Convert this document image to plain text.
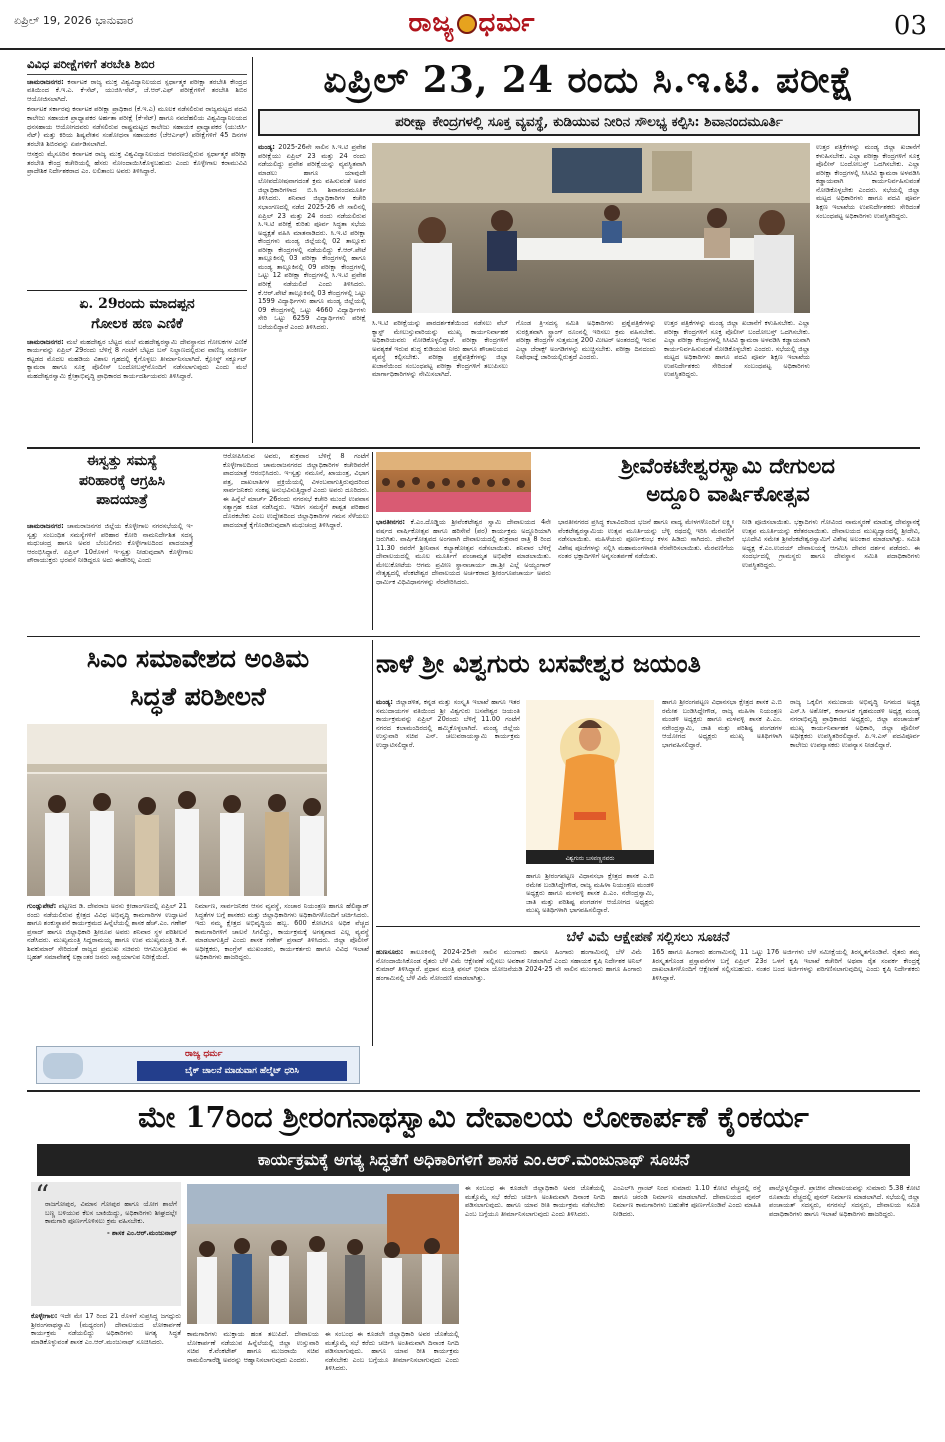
ಏಪ್ರಿಲ್ 19, 2026 ಭಾನುವಾರ	ರಾಜ್ಯ ಧರ್ಮ	03
ವಿವಿಧ ಪರೀಕ್ಷೆಗಳಿಗೆ ತರಬೇತಿ ಶಿಬಿರ
ಚಾಮರಾಜನಗರ: ಕರ್ನಾಟಕ ರಾಜ್ಯ ಮುಕ್ತ ವಿಶ್ವವಿದ್ಯಾನಿಲಯದ ಸ್ಪರ್ಧಾತ್ಮಕ ಪರೀಕ್ಷಾ ತರಬೇತಿ ಕೇಂದ್ರದ ವತಿಯಿಂದ ಕೆ.ಇ.ಎ. ಕೆ-ಸೆಟ್, ಯುಜಿಸಿ-ನೆಟ್, ಜೆ.ಆರ್.ಎಫ್ ಪರೀಕ್ಷೆಗಳಿಗೆ ತರಬೇತಿ ಶಿಬಿರ ಆಯೋಜಿಸಲಾಗಿದೆ.
ಕರ್ನಾಟಕ ಸರ್ಕಾರವು ಕರ್ನಾಟಕ ಪರೀಕ್ಷಾ ಪ್ರಾಧಿಕಾರ (ಕೆ.ಇ.ಎ) ಮೂಲಕ ನಡೆಸಲಿರುವ ರಾಜ್ಯಮಟ್ಟದ ಪದವಿ ಕಾಲೇಜು ಸಹಾಯಕ ಪ್ರಾಧ್ಯಾಪಕರ ಅರ್ಹತಾ ಪರೀಕ್ಷೆ (ಕೆ-ಸೆಟ್) ಹಾಗೂ ನವದೆಹಲಿಯ ವಿಶ್ವವಿದ್ಯಾನಿಲಯದ ಧನಸಹಾಯ ಆಯೋಗದವರು ನಡೆಸಲಿರುವ ರಾಷ್ಟ್ರಮಟ್ಟದ ಕಾಲೇಜು ಸಹಾಯಕ ಪ್ರಾಧ್ಯಾಪಕರ (ಯುಜಿಸಿ-ನೆಟ್) ಮತ್ತು ಕಿರಿಯ ಶಿಷ್ಯವೇತನ ಸಂಶೋಧನಾ ಸಹಾಯಕರ (ಜೆಆರ್ಎಫ್) ಪರೀಕ್ಷೆಗಳಿಗೆ 45 ದಿನಗಳ ತರಬೇತಿ ಶಿಬಿರವನ್ನು ಏರ್ಪಡಿಸಲಾಗಿದೆ.
ಆಸಕ್ತರು ಮೈಸೂರಿನ ಕರ್ನಾಟಕ ರಾಜ್ಯ ಮುಕ್ತ ವಿಶ್ವವಿದ್ಯಾನಿಲಯದ ಆವರಣದಲ್ಲಿರುವ ಸ್ಪರ್ಧಾತ್ಮಕ ಪರೀಕ್ಷಾ ತರಬೇತಿ ಕೇಂದ್ರ ಕಚೇರಿಯಲ್ಲಿ ಹೆಸರು ನೋಂದಾಯಿಸಿಕೊಳ್ಳಬಹುದು ಎಂದು ಕೊಳ್ಳೇಗಾಲ ಕರಾಮುವಿವಿ ಪ್ರಾದೇಶಿಕ ನಿರ್ದೇಶಕರಾದ ಎಂ. ಲಲಿತಾಂಬ ಅವರು ತಿಳಿಸಿದ್ದಾರೆ.
ಏ. 29ರಂದು ಮಾದಪ್ಪನ
ಗೋಲಕ ಹಣ ಎಣಿಕೆ
ಚಾಮರಾಜನಗರ: ಮಲೆ ಮಹದೇಶ್ವರ ಬೆಟ್ಟದ ಮಲೆ ಮಹದೇಶ್ವರಸ್ವಾಮಿ ದೇವಸ್ಥಾನದ ಗೋಲಕಗಳ ಎಣಿಕೆ ಕಾರ್ಯವನ್ನು ಏಪ್ರಿಲ್ 29ರಂದು ಬೆಳಿಗ್ಗೆ 8 ಗಂಟೆಗೆ ಬೆಟ್ಟದ ಬಸ್ ನಿಲ್ದಾಣದಲ್ಲಿರುವ ವಾಣಿಜ್ಯ ಸಂಕೀರ್ಣ ಕಟ್ಟಡದ ಮೊದಲ ಮಹಡಿಯ ವಿಶಾಲ ಗೃಹದಲ್ಲಿ ಕೈಗೊಳ್ಳಲು ತೀರ್ಮಾನಿಸಲಾಗಿದೆ. ಕ್ಲೋಸ್ಡ್ ಸರ್ಕ್ಯೂಟ್ ಕ್ಯಾಮರಾ ಹಾಗೂ ಸೂಕ್ತ ಪೊಲೀಸ್ ಬಂದೋಬಸ್ತ್‌ನೊಂದಿಗೆ ನಡೆಸಲಾಗುವುದು ಎಂದು ಮಲೆ ಮಹದೇಶ್ವರಸ್ವಾಮಿ ಕ್ಷೇತ್ರಾಭಿವೃದ್ಧಿ ಪ್ರಾಧಿಕಾರದ ಕಾರ್ಯದರ್ಶಿಯವರು ತಿಳಿಸಿದ್ದಾರೆ.
ಏಪ್ರಿಲ್ 23, 24 ರಂದು ಸಿ.ಇ.ಟಿ. ಪರೀಕ್ಷೆ
ಪರೀಕ್ಷಾ ಕೇಂದ್ರಗಳಲ್ಲಿ ಸೂಕ್ತ ವ್ಯವಸ್ಥೆ, ಕುಡಿಯುವ ನೀರಿನ ಸೌಲಭ್ಯ ಕಲ್ಪಿಸಿ: ಶಿವಾನಂದಮೂರ್ತಿ
ಮಂಡ್ಯ: 2025-26ನೇ ಸಾಲಿನ ಸಿ.ಇ.ಟಿ ಪ್ರವೇಶ ಪರೀಕ್ಷೆಯು ಏಪ್ರಿಲ್ 23 ಮತ್ತು 24 ರಂದು ನಡೆಯಲಿದ್ದು ಪ್ರವೇಶ ಪರೀಕ್ಷೆಯನ್ನು ವ್ಯವಸ್ಥಿತವಾಗಿ ಮಾಡಲು ಹಾಗೂ ಯಾವುದೇ ಲೋಪದೋಷವಾಗದಂತೆ ಕ್ರಮ ವಹಿಸುವಂತೆ ಅಪರ ಜಿಲ್ಲಾಧಿಕಾರಿಗಳಾದ ಬಿ.ಸಿ ಶಿವಾನಂದಮೂರ್ತಿ ತಿಳಿಸಿದರು. ಶನಿವಾರ ಜಿಲ್ಲಾಧಿಕಾರಿಗಳ ಕಚೇರಿ ಸಭಾಂಗಣದಲ್ಲಿ ನಡೆದ 2025-26 ನೇ ಸಾಲಿನಲ್ಲಿ ಏಪ್ರಿಲ್ 23 ಮತ್ತು 24 ರಂದು ನಡೆಯಲಿರುವ ಸಿ.ಇ.ಟಿ ಪರೀಕ್ಷೆ ಕುರಿತು ಪೂರ್ವ ಸಿದ್ಧತಾ ಸಭೆಯ ಅಧ್ಯಕ್ಷತೆ ವಹಿಸಿ ಮಾತನಾಡಿದರು. ಸಿ.ಇ.ಟಿ ಪರೀಕ್ಷಾ ಕೇಂದ್ರಗಳು ಮಂಡ್ಯ ಜಿಲ್ಲೆಯಲ್ಲಿ 02 ತಾಲ್ಲೂಕು ಪರೀಕ್ಷಾ ಕೇಂದ್ರಗಳಲ್ಲಿ ನಡೆಯಲಿದ್ದು ಕೆ.ಆರ್.ಪೇಟೆ ತಾಲ್ಲೂಕಿನಲ್ಲಿ 03 ಪರೀಕ್ಷಾ ಕೇಂದ್ರಗಳಲ್ಲಿ ಹಾಗೂ ಮಂಡ್ಯ ತಾಲ್ಲೂಕಿನಲ್ಲಿ 09 ಪರೀಕ್ಷಾ ಕೇಂದ್ರಗಳಲ್ಲಿ ಒಟ್ಟು 12 ಪರೀಕ್ಷಾ ಕೇಂದ್ರಗಳಲ್ಲಿ ಸಿ.ಇ.ಟಿ ಪ್ರವೇಶ ಪರೀಕ್ಷೆ ನಡೆಯಲಿದೆ ಎಂದು ತಿಳಿಸಿದರು. ಕೆ.ಆರ್.ಪೇಟೆ ತಾಲ್ಲೂಕಿನಲ್ಲಿ 03 ಕೇಂದ್ರಗಳಲ್ಲಿ ಒಟ್ಟು 1599 ವಿದ್ಯಾರ್ಥಿಗಳು ಹಾಗೂ ಮಂಡ್ಯ ಜಿಲ್ಲೆಯಲ್ಲಿ 09 ಕೇಂದ್ರಗಳಲ್ಲಿ ಒಟ್ಟು 4660 ವಿದ್ಯಾರ್ಥಿಗಳು ಸೇರಿ ಒಟ್ಟು 6259 ವಿದ್ಯಾರ್ಥಿಗಳು ಪರೀಕ್ಷೆ ಬರೆಯಲಿದ್ದಾರೆ ಎಂದು ತಿಳಿಸಿದರು.	ಸಿ.ಇ.ಟಿ ಪರೀಕ್ಷೆಯನ್ನು ಪಾರದರ್ಶಕತೆಯಿಂದ ನಡೆಸಲು ವೆಬ್ ಕ್ಯಾಸ್ಟ್ ಮೇಲುಸ್ತುವಾರಿಯನ್ನು ಮುಖ್ಯ ಕಾರ್ಯನಿರ್ವಾಹಕ ಅಧಿಕಾರಿಯವರು ನೋಡಿಕೊಳ್ಳಲಿದ್ದಾರೆ. ಪರೀಕ್ಷಾ ಕೇಂದ್ರಗಳಿಗೆ ಅವಶ್ಯಕತೆ ಇರುವ ಶುದ್ಧ ಕುಡಿಯುವ ನೀರು ಹಾಗೂ ಶೌಚಾಲಯದ ವ್ಯವಸ್ಥೆ ಕಲ್ಪಿಸಬೇಕು. ಪರೀಕ್ಷಾ ಪ್ರಶ್ನೆಪತ್ರಿಕೆಗಳನ್ನು ಜಿಲ್ಲಾ ಖಜಾನೆಯಿಂದ ಸಂಬಂಧಪಟ್ಟ ಪರೀಕ್ಷಾ ಕೇಂದ್ರಗಳಿಗೆ ತಲುಪಿಸಲು ಮಾರ್ಗಾಧಿಕಾರಿಗಳನ್ನು ನೇಮಿಸಲಾಗಿದೆ.
ಗೊಂಡ ತ್ರಿ-ಸದಸ್ಯ ಸಮಿತಿ ಅಧಿಕಾರಿಗಳು ಪ್ರಶ್ನೆಪತ್ರಿಕೆಗಳನ್ನು ಸುರಕ್ಷಿತವಾಗಿ ಸ್ಟ್ರಾಂಗ್ ರೂಂನಲ್ಲಿ ಇರಿಸಲು ಕ್ರಮ ವಹಿಸಬೇಕು. ಪರೀಕ್ಷಾ ಕೇಂದ್ರಗಳ ಸುತ್ತಮುತ್ತ 200 ಮೀಟರ್ ಅಂತರದಲ್ಲಿ ಇರುವ ಎಲ್ಲಾ ಜೆರಾಕ್ಸ್ ಅಂಗಡಿಗಳನ್ನು ಮುಚ್ಚಿಸಬೇಕು. ಪರೀಕ್ಷಾ ದಿನದಂದು ನಿಷೇಧಾಜ್ಞೆ ಜಾರಿಯಲ್ಲಿರುತ್ತದೆ ಎಂದರು.
ಉತ್ತರ ಪತ್ರಿಕೆಗಳನ್ನು ಮಂಡ್ಯ ಜಿಲ್ಲಾ ಖಜಾನೆಗೆ ಕಳುಹಿಸಬೇಕು. ಎಲ್ಲಾ ಪರೀಕ್ಷಾ ಕೇಂದ್ರಗಳಿಗೆ ಸೂಕ್ತ ಪೊಲೀಸ್ ಬಂದೋಬಸ್ತ್ ಒದಗಿಸಬೇಕು. ಎಲ್ಲಾ ಪರೀಕ್ಷಾ ಕೇಂದ್ರಗಳಲ್ಲಿ ಸಿಸಿಟಿವಿ ಕ್ಯಾಮರಾ ಅಳವಡಿಸಿ ಕಡ್ಡಾಯವಾಗಿ ಕಾರ್ಯನಿರ್ವಹಿಸುವಂತೆ ನೋಡಿಕೊಳ್ಳಬೇಕು ಎಂದರು. ಸಭೆಯಲ್ಲಿ ಜಿಲ್ಲಾ ಮಟ್ಟದ ಅಧಿಕಾರಿಗಳು ಹಾಗೂ ಪದವಿ ಪೂರ್ವ ಶಿಕ್ಷಣ ಇಲಾಖೆಯ ಉಪನಿರ್ದೇಶಕರು ಸೇರಿದಂತೆ ಸಂಬಂಧಪಟ್ಟ ಅಧಿಕಾರಿಗಳು ಉಪಸ್ಥಿತರಿದ್ದರು.
ಉತ್ತರ ಪತ್ರಿಕೆಗಳನ್ನು ಮಂಡ್ಯ ಜಿಲ್ಲಾ ಖಜಾನೆಗೆ ಕಳುಹಿಸಬೇಕು. ಎಲ್ಲಾ ಪರೀಕ್ಷಾ ಕೇಂದ್ರಗಳಿಗೆ ಸೂಕ್ತ ಪೊಲೀಸ್ ಬಂದೋಬಸ್ತ್ ಒದಗಿಸಬೇಕು. ಎಲ್ಲಾ ಪರೀಕ್ಷಾ ಕೇಂದ್ರಗಳಲ್ಲಿ ಸಿಸಿಟಿವಿ ಕ್ಯಾಮರಾ ಅಳವಡಿಸಿ ಕಡ್ಡಾಯವಾಗಿ ಕಾರ್ಯನಿರ್ವಹಿಸುವಂತೆ ನೋಡಿಕೊಳ್ಳಬೇಕು ಎಂದರು. ಸಭೆಯಲ್ಲಿ ಜಿಲ್ಲಾ ಮಟ್ಟದ ಅಧಿಕಾರಿಗಳು ಹಾಗೂ ಪದವಿ ಪೂರ್ವ ಶಿಕ್ಷಣ ಇಲಾಖೆಯ ಉಪನಿರ್ದೇಶಕರು ಸೇರಿದಂತೆ ಸಂಬಂಧಪಟ್ಟ ಅಧಿಕಾರಿಗಳು ಉಪಸ್ಥಿತರಿದ್ದರು.
ಈಸ್ವತ್ತು ಸಮಸ್ಯೆ
ಪರಿಹಾರಕ್ಕೆ ಆಗ್ರಹಿಸಿ
ಪಾದಯಾತ್ರೆ
ಚಾಮರಾಜನಗರ: ಚಾಮರಾಜನಗರ ಜಿಲ್ಲೆಯ ಕೊಳ್ಳೇಗಾಲ ನಗರಸಭೆಯಲ್ಲಿ ಇ-ಸ್ವತ್ತು ಸಂಬಂಧಿತ ಸಮಸ್ಯೆಗಳಿಗೆ ಪರಿಹಾರ ಕೋರಿ ನಾಮನಿರ್ದೇಶಿತ ಸದಸ್ಯ ಮಧುಚಂದ್ರ ಹಾಗೂ ಅವರ ಬೆಂಬಲಿಗರು ಕೊಳ್ಳೇಗಾಲದಿಂದ ಪಾದಯಾತ್ರೆ ಆರಂಭಿಸಿದ್ದಾರೆ. ಏಪ್ರಿಲ್ 10ರೊಳಗೆ ಇ-ಸ್ವತ್ತು ನೀಡುವುದಾಗಿ ಕೊಳ್ಳೇಗಾಲ ಪೌರಾಯುಕ್ತರು ಭರವಸೆ ನೀಡಿದ್ದರೂ ಅದು ಈಡೇರಿಲ್ಲ ಎಂದು
ಆರೋಪಿಸಿರುವ ಅವರು, ಶುಕ್ರವಾರ ಬೆಳಿಗ್ಗೆ 8 ಗಂಟೆಗೆ ಕೊಳ್ಳೇಗಾಲದಿಂದ ಚಾಮರಾಜನಗರದ ಜಿಲ್ಲಾಧಿಕಾರಿಗಳ ಕಚೇರಿವರೆಗೆ ಪಾದಯಾತ್ರೆ ಆರಂಭಿಸಿದರು. ಇ-ಸ್ವತ್ತು ನಮೂನೆ, ಖಾಯಂತ್ರ, ವಿಭಾಗ ಪತ್ರ, ದಾಖಲಾತಿಗಳ ಪ್ರಕ್ರಿಯೆಯಲ್ಲಿ ವಿಳಂಬವಾಗುತ್ತಿರುವುದರಿಂದ ಸಾರ್ವಜನಿಕರು ಸಂಕಷ್ಟ ಅನುಭವಿಸುತ್ತಿದ್ದಾರೆ ಎಂದು ಅವರು ದೂರಿದರು. ಈ ಹಿನ್ನೆಲೆ ಮಾರ್ಚ್ 26ರಂದು ನಗರಸಭೆ ಕಚೇರಿ ಮುಂದೆ ಉಪವಾಸ ಸತ್ಯಾಗ್ರಹ ಕೂಡ ನಡೆಸಿದ್ದರು. ಇದೀಗ ಸಮಸ್ಯೆಗೆ ಶಾಶ್ವತ ಪರಿಹಾರ ದೊರಕಬೇಕು ಎಂಬ ಉದ್ದೇಶದಿಂದ ಜಿಲ್ಲಾಧಿಕಾರಿಗಳ ಗಮನ ಸೆಳೆಯಲು ಪಾದಯಾತ್ರೆ ಕೈಗೊಂಡಿರುವುದಾಗಿ ಮಧುಚಂದ್ರ ತಿಳಿಸಿದ್ದಾರೆ.
ಶ್ರೀವೆಂಕಟೇಶ್ವರಸ್ವಾಮಿ ದೇಗುಲದ
ಅದ್ದೂರಿ ವಾರ್ಷಿಕೋತ್ಸವ
ಭಾರತೀನಗರ: ಕೆ.ಎಂ.ದೊಡ್ಡಿಯ ಶ್ರೀವೆಂಕಟೇಶ್ವರ ಸ್ವಾಮಿ ದೇವಾಲಯದ 4ನೇ ವರ್ಷದ ವಾರ್ಷಿಕೋತ್ಸವ ಹಾಗೂ ಹರಿಸೇವೆ (ಪರ) ಕಾರ್ಯಕ್ರಮ ಅದ್ದೂರಿಯಾಗಿ ಜರುಗಿತು. ವಾರ್ಷಿಕೋತ್ಸವದ ಅಂಗವಾಗಿ ದೇವಾಲಯದಲ್ಲಿ ಶುಕ್ರವಾರ ರಾತ್ರಿ 8 ರಿಂದ 11.30 ರವರೆಗೆ ಶ್ರೀನಿವಾಸ ಕಲ್ಯಾಣೋತ್ಸವ ನಡೆಸಲಾಯಿತು. ಶನಿವಾರ ಬೆಳಿಗ್ಗೆ ದೇವಾಲಯದಲ್ಲಿ ಮೂಲ ಮೂರ್ತಿಗೆ ಪಂಚಾಮೃತ ಅಭಿಷೇಕ ಮಾಡಲಾಯಿತು. ಮೇಲುಕೋಟೆಯ ಆಗಮ ಪ್ರವೀಣ ಸ್ಥಾನಾಚಾರ್ಯ ಡಾ.ಶ್ರೀ ಎಲ್ಲೆ ಅಯ್ಯಂಗಾರ್ ನೇತೃತ್ವದಲ್ಲಿ ವೆಂಕಟೇಶ್ವರ ದೇವಾಲಯದ ಅರ್ಚಕರಾದ ಶ್ರೀರಂಗೂಪಚಾರ್ಯ ಅವರು ಧಾರ್ಮಿಕ ವಿಧಿವಿಧಾನಗಳನ್ನು ನೆರವೇರಿಸಿದರು.
ಭಾರತೀನಗರದ ಪ್ರಸಿದ್ಧ ಕಲಾವಿದರಿಂದ ಭಜನೆ ಹಾಗೂ ವಾದ್ಯ ಮೇಳಗಳೊಂದಿಗೆ ಲಕ್ಷ್ಮೀ ವೆಂಕಟೇಶ್ವರಸ್ವಾಮಿಯ ಉತ್ಸವ ಮೂರ್ತಿಯನ್ನು ಬೆಳ್ಳಿ ರಥದಲ್ಲಿ ಇರಿಸಿ ಮೆರವಣಿಗೆ ನಡೆಸಲಾಯಿತು. ಮಹಿಳೆಯರು ಪೂರ್ಣಕುಂಭ ಕಳಸ ಹಿಡಿದು ಸಾಗಿದರು. ದೇವರಿಗೆ ವಿಶೇಷ ಪೂಜೆಗಳನ್ನು ಸಲ್ಲಿಸಿ ಮಹಾಮಂಗಳಾರತಿ ನೆರವೇರಿಸಲಾಯಿತು. ಮೆರವಣಿಗೆಯ ನಂತರ ಭಕ್ತಾದಿಗಳಿಗೆ ಅನ್ನಸಂತರ್ಪಣೆ ನಡೆಯಿತು.
ನೀಡಿ ಪೂಜಿಸಲಾಯಿತು. ಭಕ್ತಾದಿಗಳು ಗೋವಿಂದ ನಾಮಸ್ಮರಣೆ ಮಾಡುತ್ತ ದೇವಸ್ಥಾನಕ್ಕೆ ಉತ್ಸವ ಮೂರ್ತಿಯನ್ನು ಕರೆತರಲಾಯಿತು. ದೇವಾಲಯದ ಮುಖ್ಯದ್ವಾರದಲ್ಲಿ ಶ್ರೀದೇವಿ, ಭೂದೇವಿ ಸಮೇತ ಶ್ರೀವೆಂಕಟೇಶ್ವರಸ್ವಾಮಿಗೆ ವಿಶೇಷ ಅಲಂಕಾರ ಮಾಡಲಾಗಿತ್ತು. ಸಮಿತಿ ಅಧ್ಯಕ್ಷ ಕೆ.ಎಂ.ಉದಯ್ ದೇವಾಲಯಕ್ಕೆ ಆಗಮಿಸಿ ದೇವರ ದರ್ಶನ ಪಡೆದರು. ಈ ಸಂದರ್ಭದಲ್ಲಿ ಗ್ರಾಮಸ್ಥರು ಹಾಗೂ ದೇವಸ್ಥಾನ ಸಮಿತಿ ಪದಾಧಿಕಾರಿಗಳು ಉಪಸ್ಥಿತರಿದ್ದರು.
ಸಿಎಂ ಸಮಾವೇಶದ ಅಂತಿಮ
ಸಿದ್ಧತೆ ಪರಿಶೀಲನೆ
ಗುಂಡ್ಲುಪೇಟೆ: ಪಟ್ಟಣದ ಡಿ. ದೇವರಾಜ ಅರಸು ಕ್ರೀಡಾಂಗಣದಲ್ಲಿ ಏಪ್ರಿಲ್ 21 ರಂದು ನಡೆಯಲಿರುವ ಕ್ಷೇತ್ರದ ವಿವಿಧ ಅಭಿವೃದ್ಧಿ ಕಾಮಗಾರಿಗಳ ಉದ್ಘಾಟನೆ ಹಾಗೂ ಶಂಕುಸ್ಥಾಪನೆ ಕಾರ್ಯಕ್ರಮದ ಹಿನ್ನೆಲೆಯಲ್ಲಿ ಶಾಸಕ ಹೆಚ್.ಎಂ. ಗಣೇಶ್ ಪ್ರಸಾದ್ ಹಾಗೂ ಜಿಲ್ಲಾಧಿಕಾರಿ ಶ್ರೀರೂಪ ಅವರು ಶನಿವಾರ ಸ್ಥಳ ಪರಿಶೀಲನೆ ನಡೆಸಿದರು. ಮುಖ್ಯಮಂತ್ರಿ ಸಿದ್ದರಾಮಯ್ಯ ಹಾಗೂ ಉಪ ಮುಖ್ಯಮಂತ್ರಿ ಡಿ.ಕೆ. ಶಿವಕುಮಾರ್ ಸೇರಿದಂತೆ ರಾಜ್ಯದ ಪ್ರಮುಖ ಸಚಿವರು ಆಗಮಿಸುತ್ತಿರುವ ಈ ಬೃಹತ್ ಸಮಾವೇಶಕ್ಕೆ ಲಕ್ಷಾಂತರ ಜನರು ಸಾಕ್ಷಿಯಾಗುವ ನಿರೀಕ್ಷೆಯಿದೆ.
ನಿರ್ಮಾಣ, ಸಾರ್ವಜನಿಕರ ಆಸನ ವ್ಯವಸ್ಥೆ, ಸಂಚಾರ ನಿಯಂತ್ರಣ ಹಾಗೂ ಹೆಲಿಪ್ಯಾಡ್ ಸಿದ್ಧತೆಗಳ ಬಗ್ಗೆ ಶಾಸಕರು ಮತ್ತು ಜಿಲ್ಲಾಧಿಕಾರಿಗಳು ಅಧಿಕಾರಿಗಳೊಂದಿಗೆ ಚರ್ಚಿಸಿದರು. ಇದು ನಮ್ಮ ಕ್ಷೇತ್ರದ ಅಭಿವೃದ್ಧಿಯ ಹಬ್ಬ. 600 ಕೋಟಿಗೂ ಅಧಿಕ ವೆಚ್ಚದ ಕಾಮಗಾರಿಗಳಿಗೆ ಚಾಲನೆ ಸಿಗಲಿದ್ದು, ಕಾರ್ಯಕ್ರಮಕ್ಕೆ ಅಗತ್ಯವಾದ ಎಲ್ಲ ವ್ಯವಸ್ಥೆ ಮಾಡಲಾಗುತ್ತಿದೆ ಎಂದು ಶಾಸಕ ಗಣೇಶ್ ಪ್ರಸಾದ್ ತಿಳಿಸಿದರು. ಜಿಲ್ಲಾ ಪೊಲೀಸ್ ಅಧೀಕ್ಷಕರು, ಕಾಂಗ್ರೆಸ್ ಮುಖಂಡರು, ಕಾರ್ಯಕರ್ತರು ಹಾಗೂ ವಿವಿಧ ಇಲಾಖೆ ಅಧಿಕಾರಿಗಳು ಹಾಜರಿದ್ದರು.
ನಾಳೆ ಶ್ರೀ ವಿಶ್ವಗುರು ಬಸವೇಶ್ವರ ಜಯಂತಿ
ಮಂಡ್ಯ: ಜಿಲ್ಲಾಡಳಿತ, ಕನ್ನಡ ಮತ್ತು ಸಂಸ್ಕೃತಿ ಇಲಾಖೆ ಹಾಗೂ ಇತರ ಸಮುದಾಯಗಳ ವತಿಯಿಂದ ಶ್ರೀ ವಿಶ್ವಗುರು ಬಸವೇಶ್ವರ ಜಯಂತಿ ಕಾರ್ಯಕ್ರಮವನ್ನು ಏಪ್ರಿಲ್ 20ರಂದು ಬೆಳಿಗ್ಗೆ 11.00 ಗಂಟೆಗೆ ನಗರದ ಕಲಾಮಂದಿರದಲ್ಲಿ ಹಮ್ಮಿಕೊಳ್ಳಲಾಗಿದೆ. ಮಂಡ್ಯ ಜಿಲ್ಲೆಯ ಉಸ್ತುವಾರಿ ಸಚಿವ ಎನ್. ಚಲುವರಾಯಸ್ವಾಮಿ ಕಾರ್ಯಕ್ರಮ ಉದ್ಘಾಟಿಸಲಿದ್ದಾರೆ.
ವಿಶ್ವಗುರು ಬಸವಣ್ಣನವರು
ಹಾಗೂ ಶ್ರೀರಂಗಪಟ್ಟಣ ವಿಧಾನಸಭಾ ಕ್ಷೇತ್ರದ ಶಾಸಕ ಎ.ಬಿ ರಮೇಶ ಬಂಡಿಸಿದ್ದೇಗೌಡ, ರಾಜ್ಯ ಮಹಿಳಾ ನಿಯಂತ್ರಣ ಮಂಡಳಿ ಅಧ್ಯಕ್ಷರು ಹಾಗೂ ಮಳವಳ್ಳಿ ಶಾಸಕ ಪಿ.ಎಂ. ನರೇಂದ್ರಸ್ವಾಮಿ, ಜಾತಿ ಮತ್ತು ಪರಿಶಿಷ್ಟ ಪಂಗಡಗಳ ಆಯೋಗದ ಅಧ್ಯಕ್ಷರು ಮುಖ್ಯ ಅತಿಥಿಗಳಾಗಿ ಭಾಗವಹಿಸಲಿದ್ದಾರೆ.
ಹಾಗೂ ಶ್ರೀರಂಗಪಟ್ಟಣ ವಿಧಾನಸಭಾ ಕ್ಷೇತ್ರದ ಶಾಸಕ ಎ.ಬಿ ರಮೇಶ ಬಂಡಿಸಿದ್ದೇಗೌಡ, ರಾಜ್ಯ ಮಹಿಳಾ ನಿಯಂತ್ರಣ ಮಂಡಳಿ ಅಧ್ಯಕ್ಷರು ಹಾಗೂ ಮಳವಳ್ಳಿ ಶಾಸಕ ಪಿ.ಎಂ. ನರೇಂದ್ರಸ್ವಾಮಿ, ಜಾತಿ ಮತ್ತು ಪರಿಶಿಷ್ಟ ಪಂಗಡಗಳ ಆಯೋಗದ ಅಧ್ಯಕ್ಷರು ಮುಖ್ಯ ಅತಿಥಿಗಳಾಗಿ ಭಾಗವಹಿಸಲಿದ್ದಾರೆ.
ರಾಜ್ಯ ಒಕ್ಕಲಿಗ ಸಮುದಾಯ ಅಭಿವೃದ್ಧಿ ನಿಗಮದ ಅಧ್ಯಕ್ಷ ಎಸ್.ಸಿ ಅಶೋಕ್, ಕರ್ನಾಟಕ ಗೃಹಮಂಡಳಿ ಅಧ್ಯಕ್ಷ ಮಂಡ್ಯ ನಗರಾಭಿವೃದ್ಧಿ ಪ್ರಾಧಿಕಾರದ ಅಧ್ಯಕ್ಷರು, ಜಿಲ್ಲಾ ಪಂಚಾಯತ್ ಮುಖ್ಯ ಕಾರ್ಯನಿರ್ವಾಹಕ ಅಧಿಕಾರಿ, ಜಿಲ್ಲಾ ಪೊಲೀಸ್ ಅಧೀಕ್ಷಕರು ಉಪಸ್ಥಿತರಿರಲಿದ್ದಾರೆ. ಪಿ.ಇ.ಎಸ್ ಪದವಿಪೂರ್ವ ಕಾಲೇಜು ಉಪನ್ಯಾಸಕರು ಉಪನ್ಯಾಸ ನೀಡಲಿದ್ದಾರೆ.
ಬೆಳೆ ವಿಮೆ ಆಕ್ಷೇಪಣೆ ಸಲ್ಲಿಸಲು ಸೂಚನೆ
ಹುಣಸೂರು: ತಾಲೂಕಿನಲ್ಲಿ 2024-25ನೇ ಸಾಲಿನ ಮುಂಗಾರು ಹಾಗೂ ಹಿಂಗಾರು ಹಂಗಾಮಿನಲ್ಲಿ ಬೆಳೆ ವಿಮೆ ನೋಂದಾಯಿಸಿಕೊಂಡ ರೈತರು ಬೆಳೆ ವಿಮೆ ಆಕ್ಷೇಪಣೆ ಸಲ್ಲಿಸಲು ಅವಕಾಶ ನೀಡಲಾಗಿದೆ ಎಂದು ಸಹಾಯಕ ಕೃಷಿ ನಿರ್ದೇಶಕ ಅನಿಲ್ ಕುಮಾರ್ ತಿಳಿಸಿದ್ದಾರೆ. ಪ್ರಧಾನ ಮಂತ್ರಿ ಫಸಲ್ ಭೀಮಾ ಯೋಜನೆಯಡಿ 2024-25 ನೇ ಸಾಲಿನ ಮುಂಗಾರು ಹಾಗೂ ಹಿಂಗಾರು ಹಂಗಾಮಿನಲ್ಲಿ ಬೆಳೆ ವಿಮೆ ನೋಂದಣಿ ಮಾಡಲಾಗಿತ್ತು.
165 ಹಾಗೂ ಹಿಂಗಾರು ಹಂಗಾಮಿನಲ್ಲಿ 11 ಒಟ್ಟು 176 ಅರ್ಜಿಗಳು ಬೆಳೆ ಸಮೀಕ್ಷೆಯಲ್ಲಿ ತಿರಸ್ಕೃತಗೊಂಡಿವೆ. ರೈತರು ತಮ್ಮ ತಿರಸ್ಕೃತಗೊಂಡ ಪ್ರಸ್ತಾವನೆಗಳ ಬಗ್ಗೆ ಏಪ್ರಿಲ್ 23ರ ಒಳಗೆ ಕೃಷಿ ಇಲಾಖೆ ಕಚೇರಿಗೆ ಅಥವಾ ರೈತ ಸಂಪರ್ಕ ಕೇಂದ್ರಕ್ಕೆ ದಾಖಲಾತಿಗಳೊಂದಿಗೆ ಆಕ್ಷೇಪಣೆ ಸಲ್ಲಿಸಬಹುದು. ನಂತರ ಬಂದ ಅರ್ಜಿಗಳನ್ನು ಪರಿಗಣಿಸಲಾಗುವುದಿಲ್ಲ ಎಂದು ಕೃಷಿ ನಿರ್ದೇಶಕರು ತಿಳಿಸಿದ್ದಾರೆ.
ರಾಜ್ಯ ಧರ್ಮ
ಬೈಕ್ ಚಾಲನೆ ಮಾಡುವಾಗ ಹೆಲ್ಮೆಟ್ ಧರಿಸಿ
ಮೇ 17ರಿಂದ ಶ್ರೀರಂಗನಾಥಸ್ವಾಮಿ ದೇವಾಲಯ ಲೋಕಾರ್ಪಣೆ ಕೈಂಕರ್ಯ
ಕಾರ್ಯಕ್ರಮಕ್ಕೆ ಅಗತ್ಯ ಸಿದ್ಧತೆಗೆ ಅಧಿಕಾರಿಗಳಿಗೆ ಶಾಸಕ ಎಂ.ಆರ್.ಮಂಜುನಾಥ್ ಸೂಚನೆ
“
ರಾಜಗೋಪುರ, ವಿಮಾನ ಗೋಪುರ ಹಾಗೂ ಯೋಗ ಶಾಲೆಗೆ ಬಣ್ಣ ಬಳಿಯುವ ಕೆಲಸ ಬಾಕಿಯಿದ್ದು, ಅಧಿಕಾರಿಗಳು ಶೀಘ್ರದಲ್ಲೇ ಕಾಮಗಾರಿ ಪೂರ್ಣಗೊಳಿಸಲು ಕ್ರಮ ವಹಿಸಬೇಕು.
- ಶಾಸಕ ಎಂ.ಆರ್.ಮಂಜುನಾಥ್
ಕೊಳ್ಳೇಗಾಲ: ಇದೇ ಮೇ 17 ರಿಂದ 21 ರೊಳಗೆ ಸುಪ್ರಸಿದ್ಧ ಜಗದ್ಗುರು ಶ್ರೀರಂಗನಾಥಸ್ವಾಮಿ (ಮಧ್ಯರಂಗ) ದೇವಾಲಯದ ಲೋಕಾರ್ಪಣೆ ಕಾರ್ಯಕ್ರಮ ನಡೆಯಲಿದ್ದು ಅಧಿಕಾರಿಗಳು ಅಗತ್ಯ ಸಿದ್ಧತೆ ಮಾಡಿಕೊಳ್ಳುವಂತೆ ಶಾಸಕ ಎಂ.ಆರ್.ಮಂಜುನಾಥ್ ಸೂಚಿಸಿದರು.
ಕಾಮಗಾರಿಗಳು ಮುಕ್ತಾಯ ಹಂತ ತಲುಪಿದೆ. ದೇವಾಲಯ ಲೋಕಾರ್ಪಣೆ ನಡೆಯುವ ಹಿನ್ನೆಲೆಯಲ್ಲಿ ಜಿಲ್ಲಾ ಉಸ್ತುವಾರಿ ಸಚಿವ ಕೆ.ವೆಂಕಟೇಶ್ ಹಾಗೂ ಮುಜರಾಯಿ ಸಚಿವ ರಾಮಲಿಂಗಾರೆಡ್ಡಿ ಅವರನ್ನು ಆಹ್ವಾನಿಸಲಾಗುವುದು ಎಂದರು.
ಈ ಸಂಬಂಧ ಈ ಕೂಡಲೇ ಜಿಲ್ಲಾಧಿಕಾರಿ ಅವರ ಜೊತೆಯಲ್ಲಿ ಮತ್ತೊಮ್ಮೆ ಸಭೆ ಕರೆದು ಚರ್ಚಿಸಿ ಅಂತಿಮವಾಗಿ ದಿನಾಂಕ ನಿಗದಿ ಪಡಿಸಲಾಗುವುದು. ಹಾಗೂ ಯಾವ ರೀತಿ ಕಾರ್ಯಕ್ರಮ ನಡೆಸಬೇಕು ಎಂಬ ಬಗ್ಗೆಯೂ ತೀರ್ಮಾನಿಸಲಾಗುವುದು ಎಂದು ತಿಳಿಸಿದರು.
ಈ ಸಂಬಂಧ ಈ ಕೂಡಲೇ ಜಿಲ್ಲಾಧಿಕಾರಿ ಅವರ ಜೊತೆಯಲ್ಲಿ ಮತ್ತೊಮ್ಮೆ ಸಭೆ ಕರೆದು ಚರ್ಚಿಸಿ ಅಂತಿಮವಾಗಿ ದಿನಾಂಕ ನಿಗದಿ ಪಡಿಸಲಾಗುವುದು. ಹಾಗೂ ಯಾವ ರೀತಿ ಕಾರ್ಯಕ್ರಮ ನಡೆಸಬೇಕು ಎಂಬ ಬಗ್ಗೆಯೂ ತೀರ್ಮಾನಿಸಲಾಗುವುದು ಎಂದು ತಿಳಿಸಿದರು.
ಎಂಎಲ್‌ಸಿ ಗ್ರಾಂಟ್ ನಿಂದ ಸುಮಾರು 1.10 ಕೋಟಿ ವೆಚ್ಚದಲ್ಲಿ ರಸ್ತೆ ಹಾಗೂ ಚರಂಡಿ ನಿರ್ಮಾಣ ಮಾಡಲಾಗಿದೆ. ದೇವಾಲಯದ ಪುನರ್ ನಿರ್ಮಾಣ ಕಾಮಗಾರಿಗಳು ಬಹುತೇಕ ಪೂರ್ಣಗೊಂಡಿವೆ ಎಂದು ಮಾಹಿತಿ ನೀಡಿದರು.
ಪಾಲ್ಗೊಳ್ಳಲಿದ್ದಾರೆ. ಪ್ರಾಚೀನ ದೇವಾಲಯವನ್ನು ಸುಮಾರು 5.38 ಕೋಟಿ ರೂಪಾಯಿ ವೆಚ್ಚದಲ್ಲಿ ಪುನರ್ ನಿರ್ಮಾಣ ಮಾಡಲಾಗಿದೆ. ಸಭೆಯಲ್ಲಿ ಜಿಲ್ಲಾ ಪಂಚಾಯತ್ ಸದಸ್ಯರು, ನಗರಸಭೆ ಸದಸ್ಯರು, ದೇವಾಲಯ ಸಮಿತಿ ಪದಾಧಿಕಾರಿಗಳು ಹಾಗೂ ಇಲಾಖೆ ಅಧಿಕಾರಿಗಳು ಹಾಜರಿದ್ದರು.
